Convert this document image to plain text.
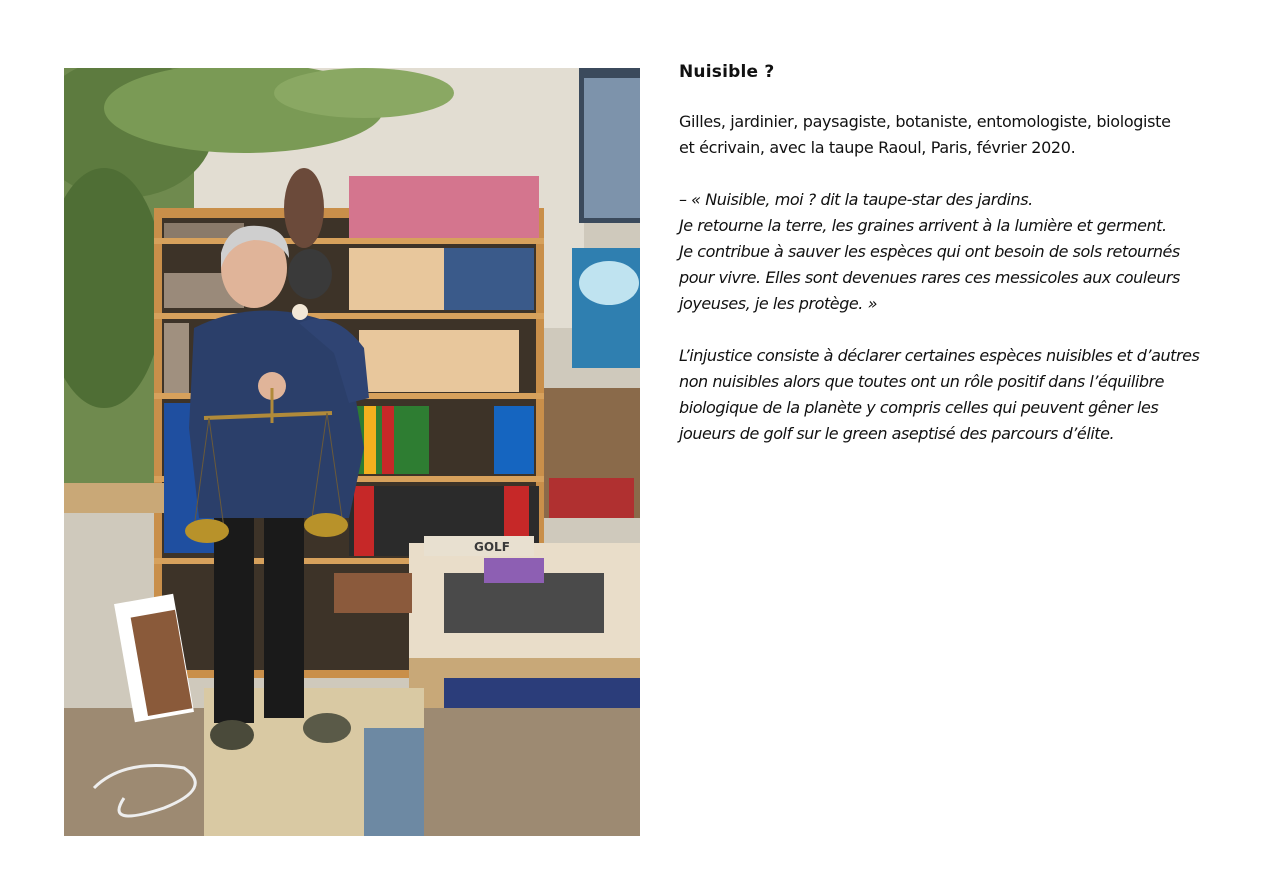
GOLF
Nuisible ?

Gilles, jardinier, paysagiste, botaniste, entomologiste, biologiste
et écrivain, avec la taupe Raoul, Paris, février 2020.

– « Nuisible, moi ? dit la taupe-star des jardins.
Je retourne la terre, les graines arrivent à la lumière et germent.
Je contribue à sauver les espèces qui ont besoin de sols retournés
pour vivre. Elles sont devenues rares ces messicoles aux couleurs
joyeuses, je les protège. »

L’injustice consiste à déclarer certaines espèces nuisibles et d’autres
non nuisibles alors que toutes ont un rôle positif dans l’équilibre
biologique de la planète y compris celles qui peuvent gêner les
joueurs de golf sur le green aseptisé des parcours d’élite.
